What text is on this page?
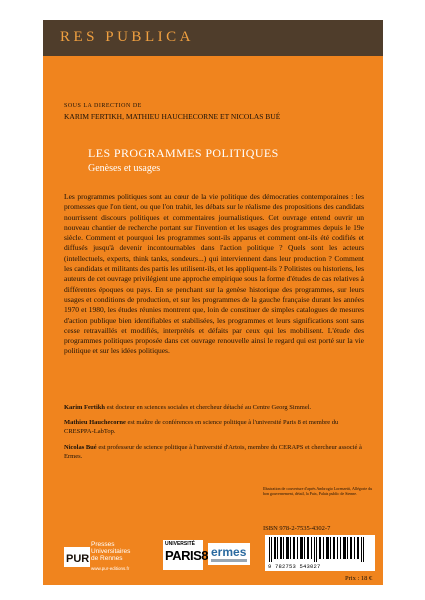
RES PUBLICA
SOUS LA DIRECTION DE
KARIM FERTIKH, MATHIEU HAUCHECORNE ET NICOLAS BUÉ
LES PROGRAMMES POLITIQUES
Genèses et usages
Les programmes politiques sont au cœur de la vie politique des démocraties contemporaines : les promesses que l'on tient, ou que l'on trahit, les débats sur le réalisme des propositions des candidats nourrissent discours politiques et commentaires journalistiques. Cet ouvrage entend ouvrir un nouveau chantier de recherche portant sur l'invention et les usages des programmes depuis le 19e siècle. Comment et pourquoi les programmes sont-ils apparus et comment ont-ils été codifiés et diffusés jusqu'à devenir incontournables dans l'action politique ? Quels sont les acteurs (intellectuels, experts, think tanks, sondeurs...) qui interviennent dans leur production ? Comment les candidats et militants des partis les utilisent-ils, et les appliquent-ils ? Politistes ou historiens, les auteurs de cet ouvrage privilégient une approche empirique sous la forme d'études de cas relatives à différentes époques ou pays. En se penchant sur la genèse historique des programmes, sur leurs usages et conditions de production, et sur les programmes de la gauche française durant les années 1970 et 1980, les études réunies montrent que, loin de constituer de simples catalogues de mesures d'action publique bien identifiables et stabilisées, les programmes et leurs significations sont sans cesse retravaillés et modifiés, interprétés et défaits par ceux qui les mobilisent. L'étude des programmes politiques proposée dans cet ouvrage renouvelle ainsi le regard qui est porté sur la vie politique et sur les idées politiques.

Karim Fertikh est docteur en sciences sociales et chercheur détaché au Centre Georg Simmel.

Mathieu Hauchecorne est maître de conférences en science politique à l'université Paris 8 et membre du CRESPPA-LabTop.

Nicolas Bué est professeur de science politique à l'université d'Artois, membre du CERAPS et chercheur associé à Ermes.

Illustration de couverture d'après Ambrogio Lorenzetti, Allégorie du bon gouvernement, détail, la Paix, Palais public de Sienne.
ISBN 978-2-7535-4302-7
9 782753 543027
Prix : 18 €
PUR
Presses
Universitaires
de Rennes
www.pur-editions.fr
UNIVERSITÉ
PARIS8 ermes
